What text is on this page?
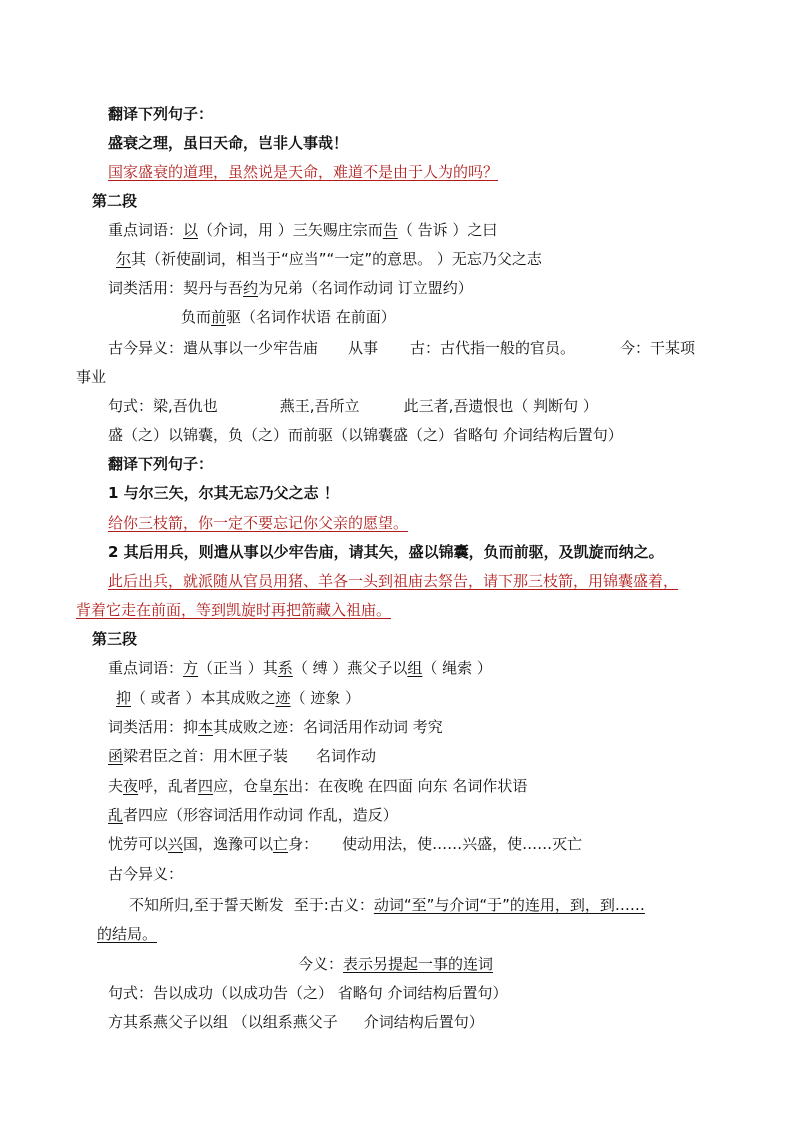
翻译下列句子：
盛衰之理，虽曰天命，岂非人事哉！
国家盛衰的道理，虽然说是天命，难道不是由于人为的吗？
第二段
重点词语：以（介词，用 ）三矢赐庄宗而告（ 告诉 ）之曰
尔其（祈使副词，相当于“应当”“一定”的意思。 ）无忘乃父之志
词类活用：契丹与吾约为兄弟（名词作动词 订立盟约）
负而前驱（名词作状语 在前面）
古今异义：遣从事以一少牢告庙 从事 古：古代指一般的官员。	今：干某项
事业
句式：梁,吾仇也	燕王,吾所立	此三者,吾遗恨也（ 判断句 ）
盛（之）以锦囊，负（之）而前驱（以锦囊盛（之）省略句 介词结构后置句）
翻译下列句子：
1 与尔三矢，尔其无忘乃父之志 ！
给你三枝箭，你一定不要忘记你父亲的愿望。
2 其后用兵，则遣从事以少牢告庙，请其矢，盛以锦囊，负而前驱，及凯旋而纳之。
此后出兵，就派随从官员用猪、羊各一头到祖庙去祭告，请下那三枝箭，用锦囊盛着，
背着它走在前面，等到凯旋时再把箭藏入祖庙。
第三段
重点词语：方（正当 ）其系（ 缚 ）燕父子以组（ 绳索 ）
抑（ 或者 ）本其成败之迹（ 迹象 ）
词类活用：抑本其成败之迹：名词活用作动词 考究
函梁君臣之首：用木匣子装 名词作动
夫夜呼，乱者四应，仓皇东出：在夜晚 在四面 向东 名词作状语
乱者四应（形容词活用作动词 作乱，造反）
忧劳可以兴国，逸豫可以亡身： 使动用法，使……兴盛，使……灭亡
古今异义：
不知所归,至于誓天断发 至于:古义：动词“至”与介词“于”的连用，到，到……
的结局。
今义：表示另提起一事的连词
句式：告以成功（以成功告（之） 省略句 介词结构后置句）
方其系燕父子以组 （以组系燕父子 介词结构后置句）
